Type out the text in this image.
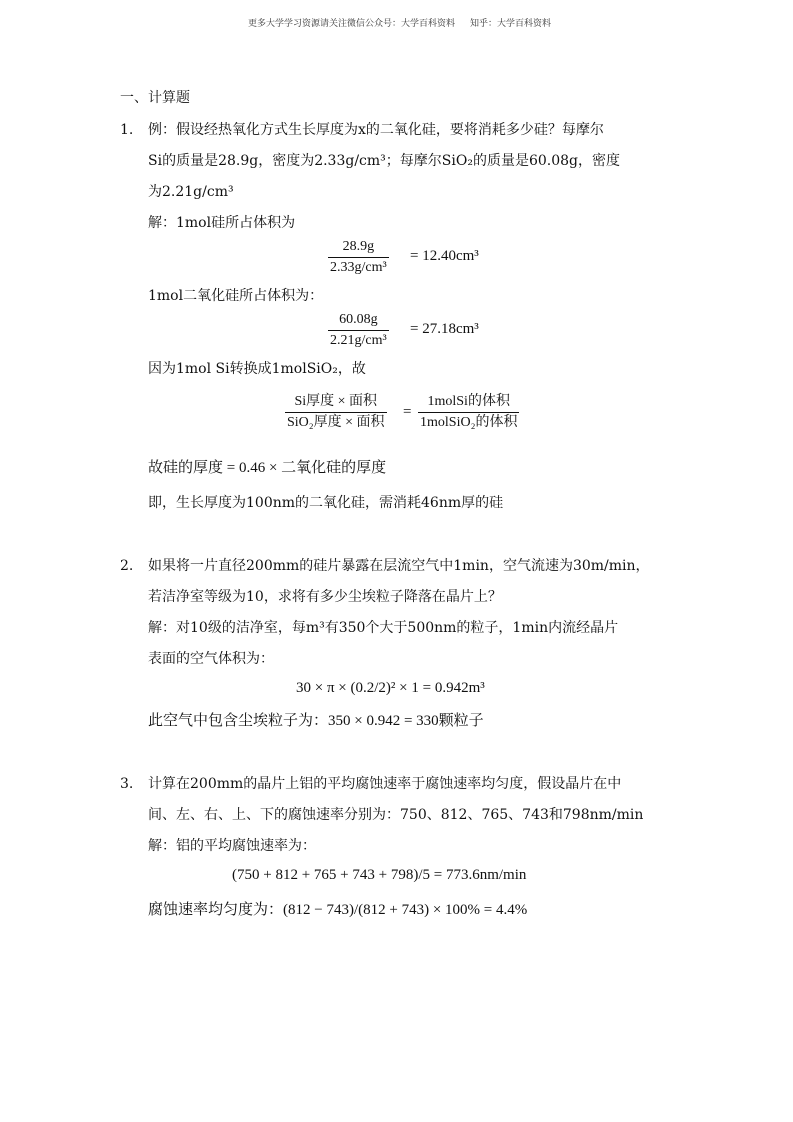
更多大学学习资源请关注微信公众号：大学百科资料 知乎：大学百科资料
一、计算题
1. 例：假设经热氧化方式生长厚度为x的二氧化硅，要将消耗多少硅？每摩尔
Si的质量是28.9g，密度为2.33g/cm³；每摩尔SiO₂的质量是60.08g，密度
为2.21g/cm³
解：1mol硅所占体积为
$\frac{28.9g}{\text{2.33g/cm³}} = 12.40cm^3$
1mol二氧化硅所占体积为：
$\frac{60.08g}{\text{2.21g/cm³}} = 27.18cm^3$
因为1mol Si转换成1molSiO₂，故
Si厚度 × 面积
SiO₂厚度 × 面积
=
1molSi的体积
1molSiO₂的体积
故硅的厚度 = 0.46 × 二氧化硅的厚度
即，生长厚度为100nm的二氧化硅，需消耗46nm厚的硅
2. 如果将一片直径200mm的硅片暴露在层流空气中1min，空气流速为30m/min，
若洁净室等级为10，求将有多少尘埃粒子降落在晶片上？
解：对10级的洁净室，每m³有350个大于500nm的粒子，1min内流经晶片
表面的空气体积为：
30 × π × (0.2/2)² × 1 = 0.942m³
此空气中包含尘埃粒子为：350 × 0.942 = 330颗粒子
3. 计算在200mm的晶片上铝的平均腐蚀速率于腐蚀速率均匀度，假设晶片在中
间、左、右、上、下的腐蚀速率分别为：750、812、765、743和798nm/min
解：铝的平均腐蚀速率为：
(750 + 812 + 765 + 743 + 798)/5 = 773.6nm/min
腐蚀速率均匀度为：(812 − 743)/(812 + 743) × 100% = 4.4%
